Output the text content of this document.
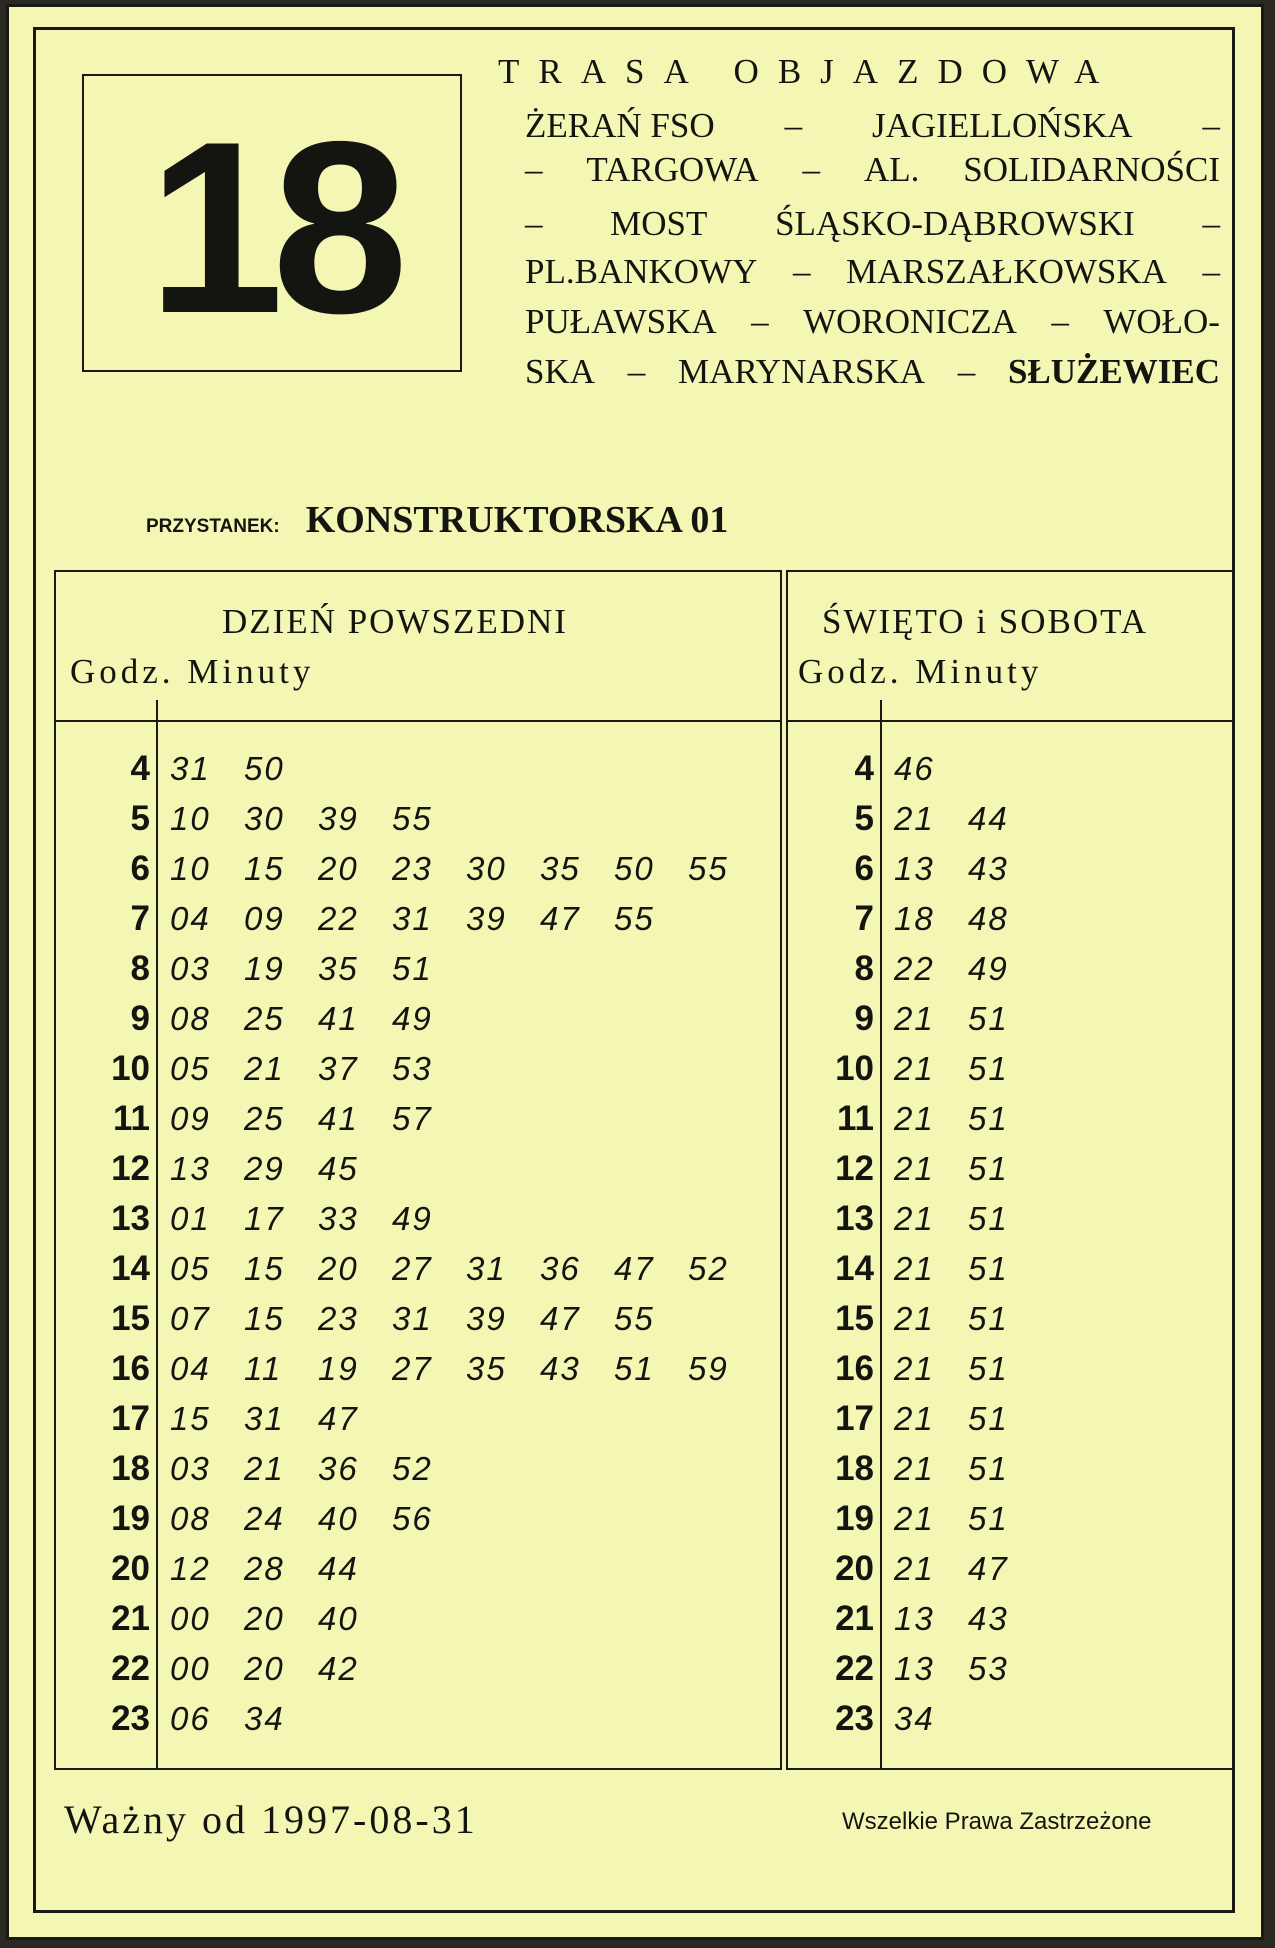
18
TRASA OBJAZDOWA
ŻERAŃ FSO – JAGIELLOŃSKA –
– TARGOWA – AL. SOLIDARNOŚCI
– MOST ŚLĄSKO-DĄBROWSKI –
PL.BANKOWY – MARSZAŁKOWSKA –
PUŁAWSKA – WORONICZA – WOŁO-
SKA – MARYNARSKA – SŁUŻEWIEC
PRZYSTANEK: KONSTRUKTORSKA 01
DZIEŃ POWSZEDNI
Godz. Minuty
ŚWIĘTO i SOBOTA
Godz. Minuty
4 31	50
5 10	30	39	55
6 10	15	20	23	30	35	50	55
7 04	09	22	31	39	47	55
8 03	19	35	51
9 08	25	41	49
10 05	21	37	53
11 09	25	41	57
12 13	29	45
13 01	17	33	49
14 05	15	20	27	31	36	47	52
15 07	15	23	31	39	47	55
16 04	11	19	27	35	43	51	59
17 15	31	47
18 03	21	36	52
19 08	24	40	56
20 12	28	44
21 00	20	40
22 00	20	42
23 06	34
4 46
5 21	44
6 13	43
7 18	48
8 22	49
9 21	51
10 21	51
11 21	51
12 21	51
13 21	51
14 21	51
15 21	51
16 21	51
17 21	51
18 21	51
19 21	51
20 21	47
21 13	43
22 13	53
23 34
Ważny od 1997-08-31	Wszelkie Prawa Zastrzeżone
